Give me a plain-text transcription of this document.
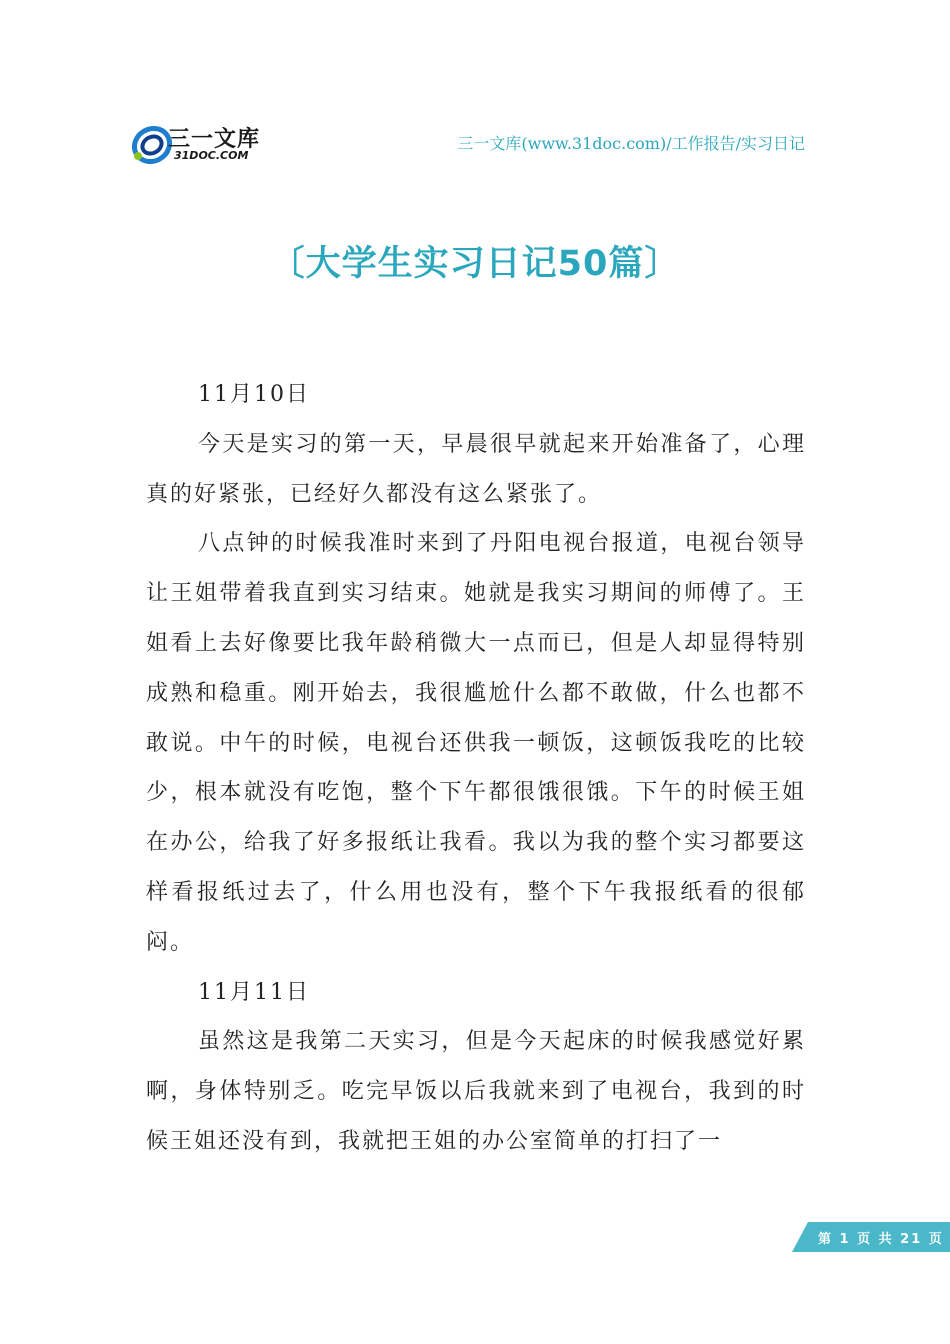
三一文库
31DOC.COM
三一文库(www.31doc.com)/工作报告/实习日记
〔大学生实习日记50篇〕

11月10日

今天是实习的第一天，早晨很早就起来开始准备了，心理真的好紧张，已经好久都没有这么紧张了。

八点钟的时候我准时来到了丹阳电视台报道，电视台领导让王姐带着我直到实习结束。她就是我实习期间的师傅了。王姐看上去好像要比我年龄稍微大一点而已，但是人却显得特别成熟和稳重。刚开始去，我很尴尬什么都不敢做，什么也都不敢说。中午的时候，电视台还供我一顿饭，这顿饭我吃的比较少，根本就没有吃饱，整个下午都很饿很饿。下午的时候王姐在办公，给我了好多报纸让我看。我以为我的整个实习都要这样看报纸过去了，什么用也没有，整个下午我报纸看的很郁闷。

11月11日

虽然这是我第二天实习，但是今天起床的时候我感觉好累啊，身体特别乏。吃完早饭以后我就来到了电视台，我到的时候王姐还没有到，我就把王姐的办公室简单的打扫了一

第 1 页 共 21 页
